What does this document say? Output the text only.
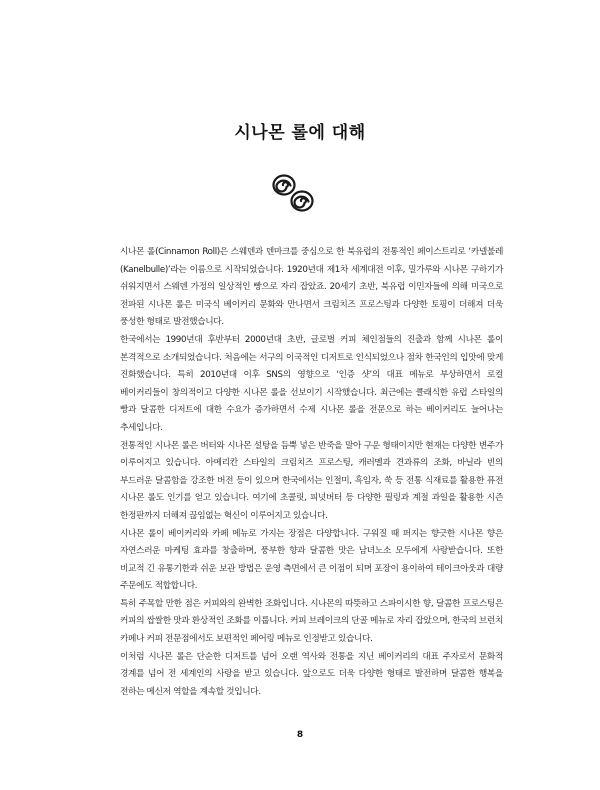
시나몬 롤에 대해

시나몬 롤(Cinnamon Roll)은 스웨덴과 덴마크를 중심으로 한 북유럽의 전통적인 페이스트리로 ‘카넬불레(Kanelbulle)’라는 이름으로 시작되었습니다. 1920년대 제1차 세계대전 이후, 밀가루와 시나몬 구하기가 쉬워지면서 스웨덴 가정의 일상적인 빵으로 자리 잡았죠. 20세기 초반, 북유럽 이민자들에 의해 미국으로 전파된 시나몬 롤은 미국식 베이커리 문화와 만나면서 크림치즈 프로스팅과 다양한 토핑이 더해져 더욱 풍성한 형태로 발전했습니다.

한국에서는 1990년대 후반부터 2000년대 초반, 글로벌 커피 체인점들의 진출과 함께 시나몬 롤이 본격적으로 소개되었습니다. 처음에는 서구의 이국적인 디저트로 인식되었으나 점차 한국인의 입맛에 맞게 진화했습니다. 특히 2010년대 이후 SNS의 영향으로 ‘인증 샷’의 대표 메뉴로 부상하면서 로컬 베이커리들이 창의적이고 다양한 시나몬 롤을 선보이기 시작했습니다. 최근에는 클래식한 유럽 스타일의 빵과 달콤한 디저트에 대한 수요가 증가하면서 수제 시나몬 롤을 전문으로 하는 베이커리도 늘어나는 추세입니다.

전통적인 시나몬 롤은 버터와 시나몬 설탕을 듬뿍 넣은 반죽을 말아 구운 형태이지만 현재는 다양한 변주가 이루어지고 있습니다. 아메리칸 스타일의 크림치즈 프로스팅, 캐러멜과 견과류의 조화, 바닐라 빈의 부드러운 달콤함을 강조한 버전 등이 있으며 한국에서는 인절미, 흑임자, 쑥 등 전통 식재료를 활용한 퓨전 시나몬 롤도 인기를 얻고 있습니다. 여기에 초콜릿, 피넛버터 등 다양한 필링과 계절 과일을 활용한 시즌 한정판까지 더해져 끊임없는 혁신이 이루어지고 있습니다.

시나몬 롤이 베이커리와 카페 메뉴로 가지는 장점은 다양합니다. 구워질 때 퍼지는 향긋한 시나몬 향은 자연스러운 마케팅 효과를 창출하며, 풍부한 향과 달콤한 맛은 남녀노소 모두에게 사랑받습니다. 또한 비교적 긴 유통기한과 쉬운 보관 방법은 운영 측면에서 큰 이점이 되며 포장이 용이하여 테이크아웃과 대량 주문에도 적합합니다.

특히 주목할 만한 점은 커피와의 완벽한 조화입니다. 시나몬의 따뜻하고 스파이시한 향, 달콤한 프로스팅은 커피의 쌉쌀한 맛과 환상적인 조화를 이룹니다. 커피 브레이크의 단골 메뉴로 자리 잡았으며, 한국의 브런치 카페나 커피 전문점에서도 보편적인 페어링 메뉴로 인정받고 있습니다.

이처럼 시나몬 롤은 단순한 디저트를 넘어 오랜 역사와 전통을 지닌 베이커리의 대표 주자로서 문화적 경계를 넘어 전 세계인의 사랑을 받고 있습니다. 앞으로도 더욱 다양한 형태로 발전하며 달콤한 행복을 전하는 메신저 역할을 계속할 것입니다.

8
